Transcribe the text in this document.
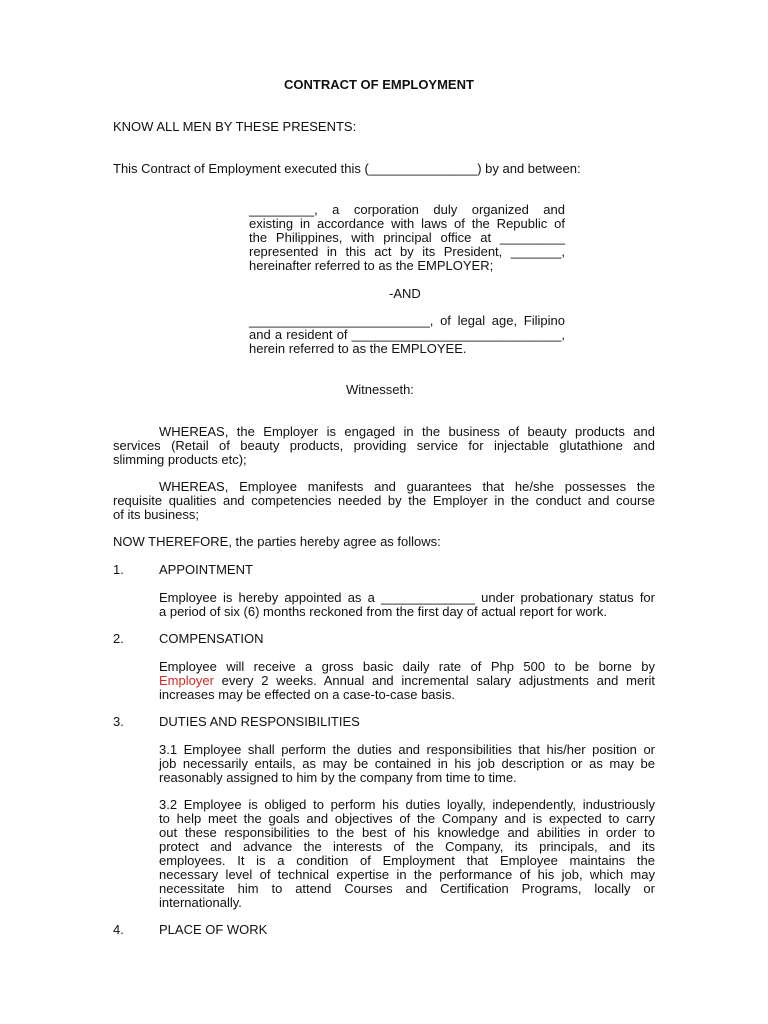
CONTRACT OF EMPLOYMENT
KNOW ALL MEN BY THESE PRESENTS:
This Contract of Employment executed this (_______________) by and between:
_________, a corporation duly organized and
existing in accordance with laws of the Republic of
the Philippines, with principal office at _________
represented in this act by its President, _______,
hereinafter referred to as the EMPLOYER;
-AND
_________________________, of legal age, Filipino
and a resident of _____________________________,
herein referred to as the EMPLOYEE.
Witnesseth:
WHEREAS, the Employer is engaged in the business of beauty products and
services (Retail of beauty products, providing service for injectable glutathione and
slimming products etc);
WHEREAS, Employee manifests and guarantees that he/she possesses the
requisite qualities and competencies needed by the Employer in the conduct and course
of its business;
NOW THEREFORE, the parties hereby agree as follows:
1.	APPOINTMENT
Employee is hereby appointed as a _____________ under probationary status for
a period of six (6) months reckoned from the first day of actual report for work.
2.	COMPENSATION
Employee will receive a gross basic daily rate of Php 500 to be borne by
Employer every 2 weeks. Annual and incremental salary adjustments and merit
increases may be effected on a case-to-case basis.
3.	DUTIES AND RESPONSIBILITIES
3.1 Employee shall perform the duties and responsibilities that his/her position or
job necessarily entails, as may be contained in his job description or as may be
reasonably assigned to him by the company from time to time.
3.2 Employee is obliged to perform his duties loyally, independently, industriously
to help meet the goals and objectives of the Company and is expected to carry
out these responsibilities to the best of his knowledge and abilities in order to
protect and advance the interests of the Company, its principals, and its
employees. It is a condition of Employment that Employee maintains the
necessary level of technical expertise in the performance of his job, which may
necessitate him to attend Courses and Certification Programs, locally or
internationally.
4.	PLACE OF WORK
